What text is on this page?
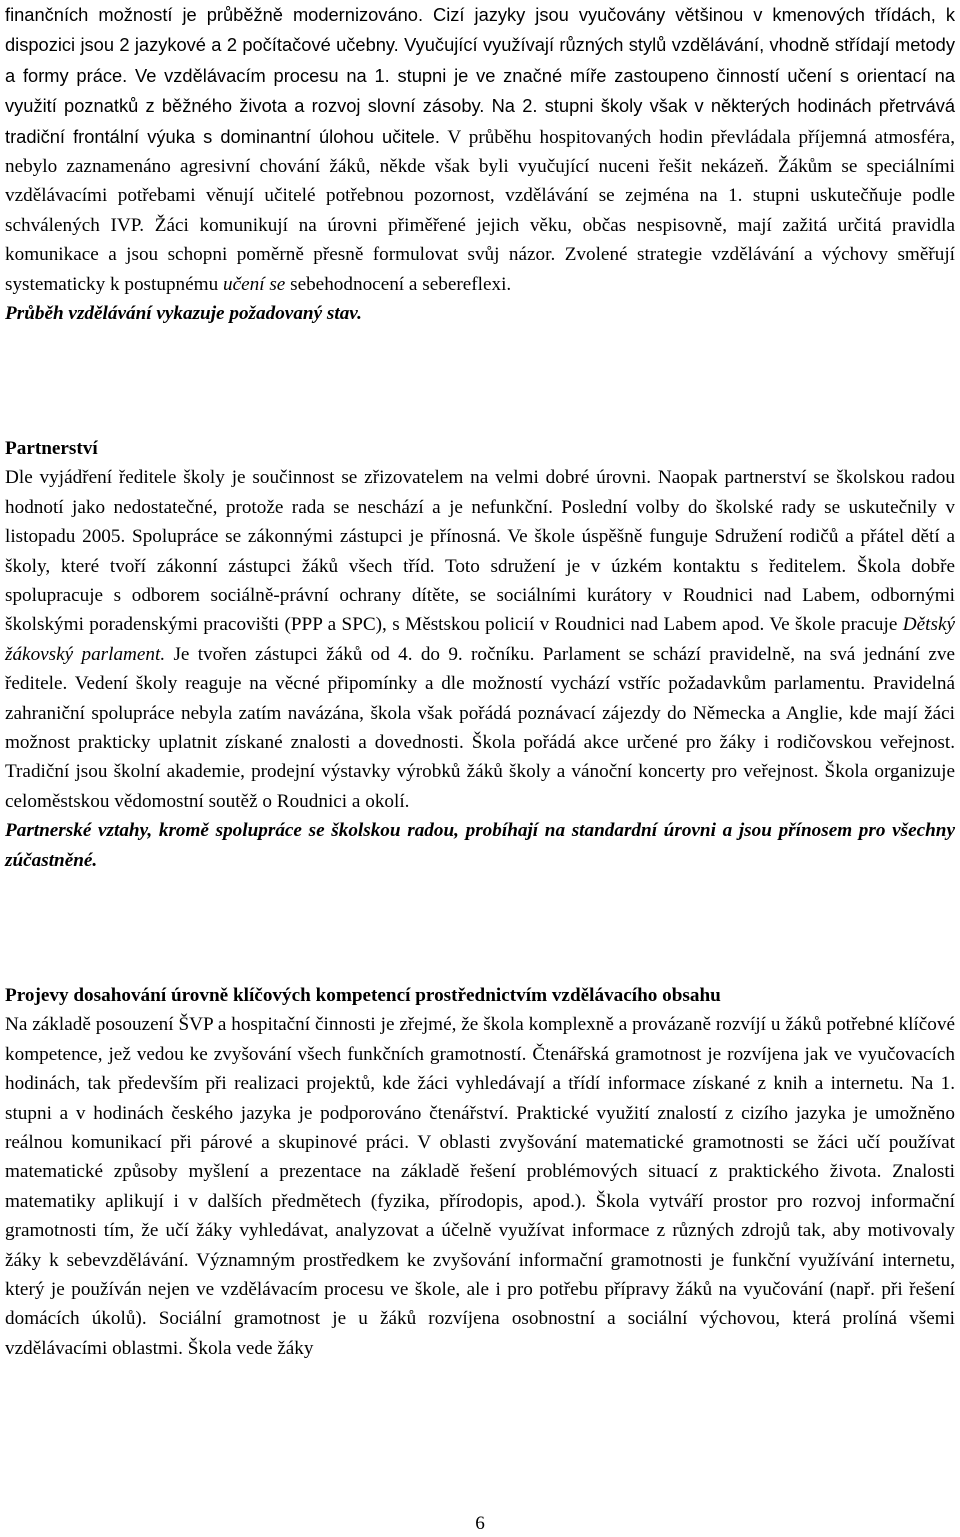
finančních možností je průběžně modernizováno. Cizí jazyky jsou vyučovány většinou v kmenových třídách, k dispozici jsou 2 jazykové a 2 počítačové učebny. Vyučující využívají různých stylů vzdělávání, vhodně střídají metody a formy práce. Ve vzdělávacím procesu na 1. stupni je ve značné míře zastoupeno činností učení s orientací na využití poznatků z běžného života a rozvoj slovní zásoby. Na 2. stupni školy však v některých hodinách přetrvává tradiční frontální výuka s dominantní úlohou učitele. V průběhu hospitovaných hodin převládala příjemná atmosféra, nebylo zaznamenáno agresivní chování žáků, někde však byli vyučující nuceni řešit nekázeň. Žákům se speciálními vzdělávacími potřebami věnují učitelé potřebnou pozornost, vzdělávání se zejména na 1. stupni uskutečňuje podle schválených IVP. Žáci komunikují na úrovni přiměřené jejich věku, občas nespisovně, mají zažitá určitá pravidla komunikace a jsou schopni poměrně přesně formulovat svůj názor. Zvolené strategie vzdělávání a výchovy směřují systematicky k postupnému učení se sebehodnocení a sebereflexi.

Průběh vzdělávání vykazuje požadovaný stav.

Partnerství

Dle vyjádření ředitele školy je součinnost se zřizovatelem na velmi dobré úrovni. Naopak partnerství se školskou radou hodnotí jako nedostatečné, protože rada se neschází a je nefunkční. Poslední volby do školské rady se uskutečnily v listopadu 2005. Spolupráce se zákonnými zástupci je přínosná. Ve škole úspěšně funguje Sdružení rodičů a přátel dětí a školy, které tvoří zákonní zástupci žáků všech tříd. Toto sdružení je v úzkém kontaktu s ředitelem. Škola dobře spolupracuje s odborem sociálně-právní ochrany dítěte, se sociálními kurátory v Roudnici nad Labem, odbornými školskými poradenskými pracovišti (PPP a SPC), s Městskou policií v Roudnici nad Labem apod. Ve škole pracuje Dětský žákovský parlament. Je tvořen zástupci žáků od 4. do 9. ročníku. Parlament se schází pravidelně, na svá jednání zve ředitele. Vedení školy reaguje na věcné připomínky a dle možností vychází vstříc požadavkům parlamentu. Pravidelná zahraniční spolupráce nebyla zatím navázána, škola však pořádá poznávací zájezdy do Německa a Anglie, kde mají žáci možnost prakticky uplatnit získané znalosti a dovednosti. Škola pořádá akce určené pro žáky i rodičovskou veřejnost. Tradiční jsou školní akademie, prodejní výstavky výrobků žáků školy a vánoční koncerty pro veřejnost. Škola organizuje celoměstskou vědomostní soutěž o Roudnici a okolí.

Partnerské vztahy, kromě spolupráce se školskou radou, probíhají na standardní úrovni a jsou přínosem pro všechny zúčastněné.

Projevy dosahování úrovně klíčových kompetencí prostřednictvím vzdělávacího obsahu

Na základě posouzení ŠVP a hospitační činnosti je zřejmé, že škola komplexně a provázaně rozvíjí u žáků potřebné klíčové kompetence, jež vedou ke zvyšování všech funkčních gramotností. Čtenářská gramotnost je rozvíjena jak ve vyučovacích hodinách, tak především při realizaci projektů, kde žáci vyhledávají a třídí informace získané z knih a internetu. Na 1. stupni a v hodinách českého jazyka je podporováno čtenářství. Praktické využití znalostí z cizího jazyka je umožněno reálnou komunikací při párové a skupinové práci. V oblasti zvyšování matematické gramotnosti se žáci učí používat matematické způsoby myšlení a prezentace na základě řešení problémových situací z praktického života. Znalosti matematiky aplikují i v dalších předmětech (fyzika, přírodopis, apod.). Škola vytváří prostor pro rozvoj informační gramotnosti tím, že učí žáky vyhledávat, analyzovat a účelně využívat informace z různých zdrojů tak, aby motivovaly žáky k sebevzdělávání. Významným prostředkem ke zvyšování informační gramotnosti je funkční využívání internetu, který je používán nejen ve vzdělávacím procesu ve škole, ale i pro potřebu přípravy žáků na vyučování (např. při řešení domácích úkolů). Sociální gramotnost je u žáků rozvíjena osobnostní a sociální výchovou, která prolíná všemi vzdělávacími oblastmi. Škola vede žáky

6
